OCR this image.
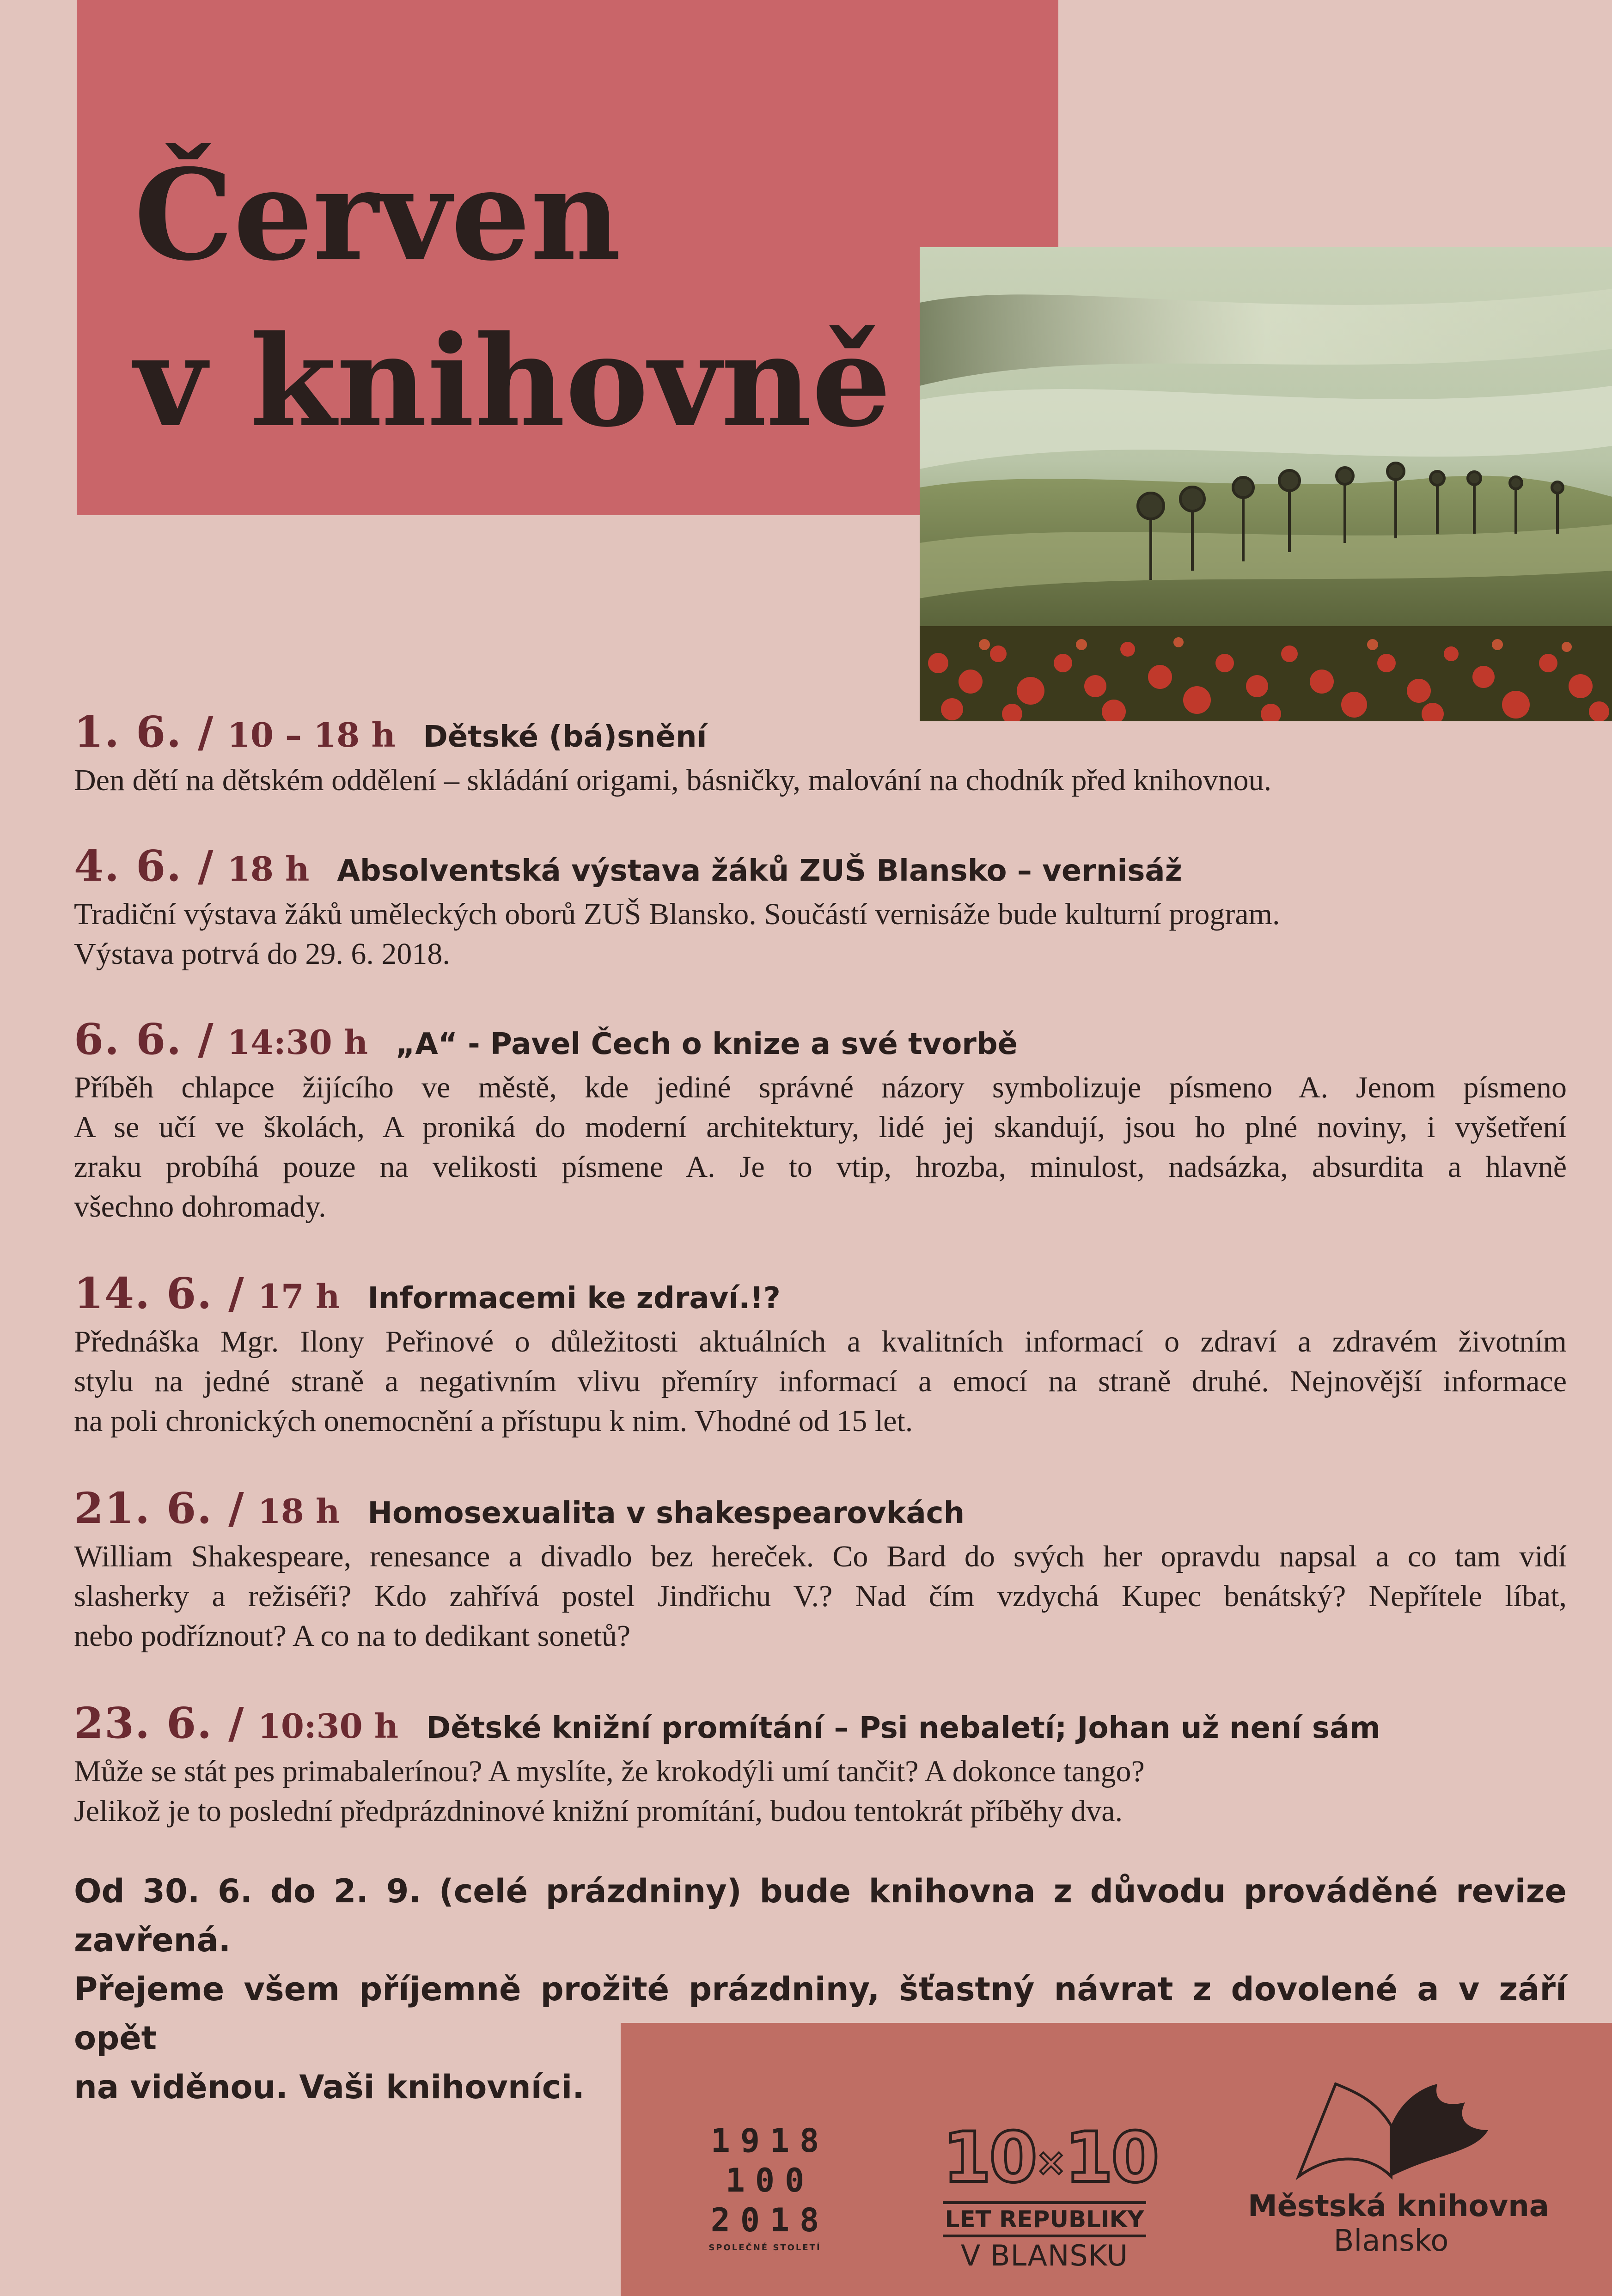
Červen
v knihovně
1. 6. / 10 – 18 h Dětské (bá)snění
Den dětí na dětském oddělení – skládání origami, básničky, malování na chodník před knihovnou.
4. 6. / 18 h Absolventská výstava žáků ZUŠ Blansko – vernisáž
Tradiční výstava žáků uměleckých oborů ZUŠ Blansko. Součástí vernisáže bude kulturní program.
Výstava potrvá do 29. 6. 2018.
6. 6. / 14:30 h „A“ - Pavel Čech o knize a své tvorbě
Příběh chlapce žijícího ve městě, kde jediné správné názory symbolizuje písmeno A. Jenom písmeno
A se učí ve školách, A proniká do moderní architektury, lidé jej skandují, jsou ho plné noviny, i vyšetření
zraku probíhá pouze na velikosti písmene A. Je to vtip, hrozba, minulost, nadsázka, absurdita a hlavně
všechno dohromady.
14. 6. / 17 h Informacemi ke zdraví.!?
Přednáška Mgr. Ilony Peřinové o důležitosti aktuálních a kvalitních informací o zdraví a zdravém životním
stylu na jedné straně a negativním vlivu přemíry informací a emocí na straně druhé. Nejnovější informace
na poli chronických onemocnění a přístupu k nim. Vhodné od 15 let.
21. 6. / 18 h Homosexualita v shakespearovkách
William Shakespeare, renesance a divadlo bez hereček. Co Bard do svých her opravdu napsal a co tam vidí
slasherky a režiséři? Kdo zahřívá postel Jindřichu V.? Nad čím vzdychá Kupec benátský? Nepřítele líbat,
nebo podříznout? A co na to dedikant sonetů?
23. 6. / 10:30 h Dětské knižní promítání – Psi nebaletí; Johan už není sám
Může se stát pes primabalerínou? A myslíte, že krokodýli umí tančit? A dokonce tango?
Jelikož je to poslední předprázdninové knižní promítání, budou tentokrát příběhy dva.
Od 30. 6. do 2. 9. (celé prázdniny) bude knihovna z důvodu prováděné revize zavřená.
Přejeme všem příjemně prožité prázdniny, šťastný návrat z dovolené a v září opět
na viděnou. Vaši knihovníci.
1918
100
2018
SPOLEČNÉ STOLETÍ
10×10
LET REPUBLIKY
V BLANSKU
Městská knihovna
Blansko
